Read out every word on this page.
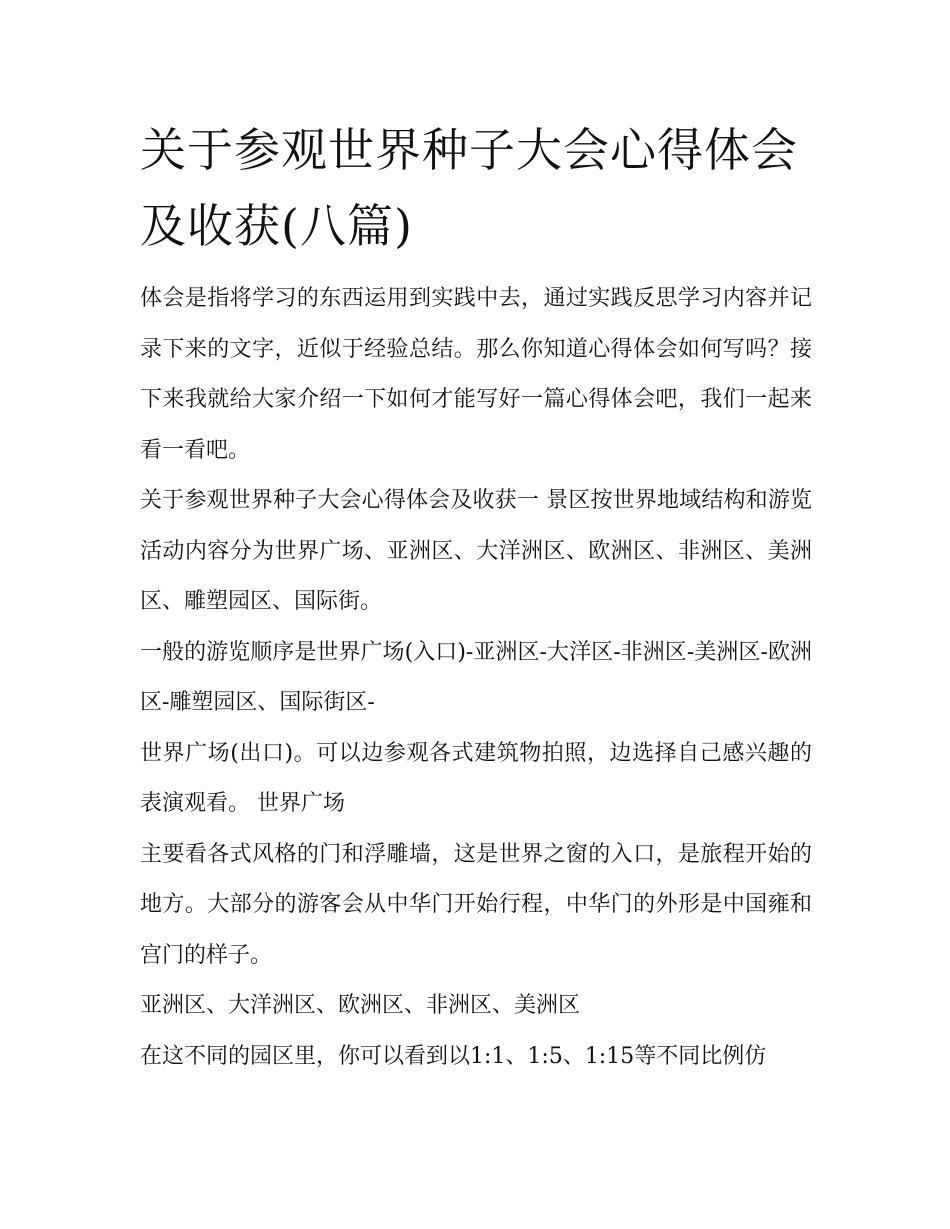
关于参观世界种子大会心得体会及收获(八篇)

体会是指将学习的东西运用到实践中去，通过实践反思学习内容并记录下来的文字，近似于经验总结。那么你知道心得体会如何写吗？接下来我就给大家介绍一下如何才能写好一篇心得体会吧，我们一起来看一看吧。

关于参观世界种子大会心得体会及收获一 景区按世界地域结构和游览活动内容分为世界广场、亚洲区、大洋洲区、欧洲区、非洲区、美洲区、雕塑园区、国际街。

一般的游览顺序是世界广场(入口)-亚洲区-大洋区-非洲区-美洲区-欧洲区-雕塑园区、国际街区-

世界广场(出口)。可以边参观各式建筑物拍照，边选择自己感兴趣的表演观看。 世界广场

主要看各式风格的门和浮雕墙，这是世界之窗的入口，是旅程开始的地方。大部分的游客会从中华门开始行程，中华门的外形是中国雍和宫门的样子。

亚洲区、大洋洲区、欧洲区、非洲区、美洲区

在这不同的园区里，你可以看到以1:1、1:5、1:15等不同比例仿
